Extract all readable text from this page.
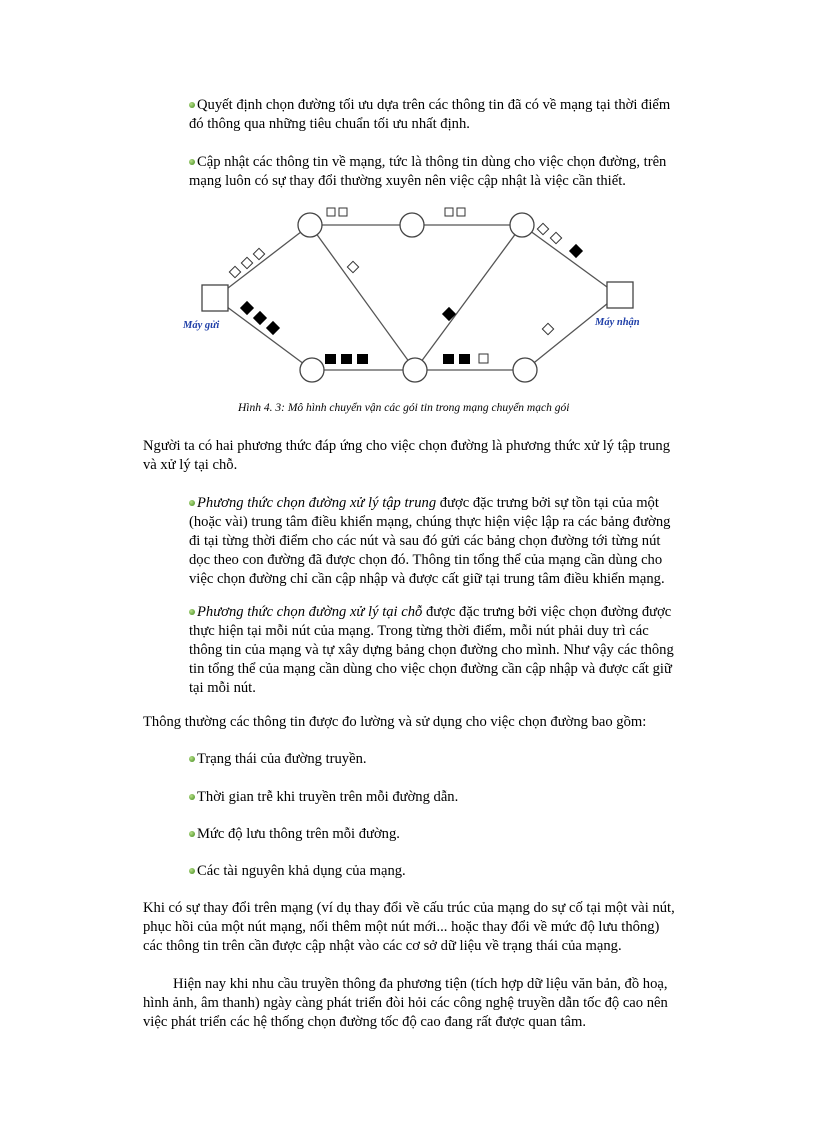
Quyết định chọn đường tối ưu dựa trên các thông tin đã có về mạng tại thời điểm
đó thông qua những tiêu chuẩn tối ưu nhất định.

Cập nhật các thông tin về mạng, tức là thông tin dùng cho việc chọn đường, trên
mạng luôn có sự thay đổi thường xuyên nên việc cập nhật là việc cần thiết.

Máy gửi	Máy nhận
Hình 4. 3: Mô hình chuyển vận các gói tin trong mạng chuyển mạch gói

Người ta có hai phương thức đáp ứng cho việc chọn đường là phương thức xử lý tập trung
và xử lý tại chỗ.

Phương thức chọn đường xử lý tập trung được đặc trưng bởi sự tồn tại của một
(hoặc vài) trung tâm điều khiển mạng, chúng thực hiện việc lập ra các bảng đường
đi tại từng thời điểm cho các nút và sau đó gửi các bảng chọn đường tới từng nút
dọc theo con đường đã được chọn đó. Thông tin tổng thể của mạng cần dùng cho
việc chọn đường chỉ cần cập nhập và được cất giữ tại trung tâm điều khiển mạng.

Phương thức chọn đường xử lý tại chỗ được đặc trưng bởi việc chọn đường được
thực hiện tại mỗi nút của mạng. Trong từng thời điểm, mỗi nút phải duy trì các
thông tin của mạng và tự xây dựng bảng chọn đường cho mình. Như vậy các thông
tin tổng thể của mạng cần dùng cho việc chọn đường cần cập nhập và được cất giữ
tại mỗi nút.

Thông thường các thông tin được đo lường và sử dụng cho việc chọn đường bao gồm:

Trạng thái của đường truyền.

Thời gian trễ khi truyền trên mỗi đường dẫn.

Mức độ lưu thông trên mỗi đường.

Các tài nguyên khả dụng của mạng.

Khi có sự thay đổi trên mạng (ví dụ thay đổi về cấu trúc của mạng do sự cố tại một vài nút,
phục hồi của một nút mạng, nối thêm một nút mới... hoặc thay đổi về mức độ lưu thông)
các thông tin trên cần được cập nhật vào các cơ sở dữ liệu về trạng thái của mạng.

Hiện nay khi nhu cầu truyền thông đa phương tiện (tích hợp dữ liệu văn bản, đồ hoạ,
hình ảnh, âm thanh) ngày càng phát triển đòi hỏi các công nghệ truyền dẫn tốc độ cao nên
việc phát triển các hệ thống chọn đường tốc độ cao đang rất được quan tâm.
